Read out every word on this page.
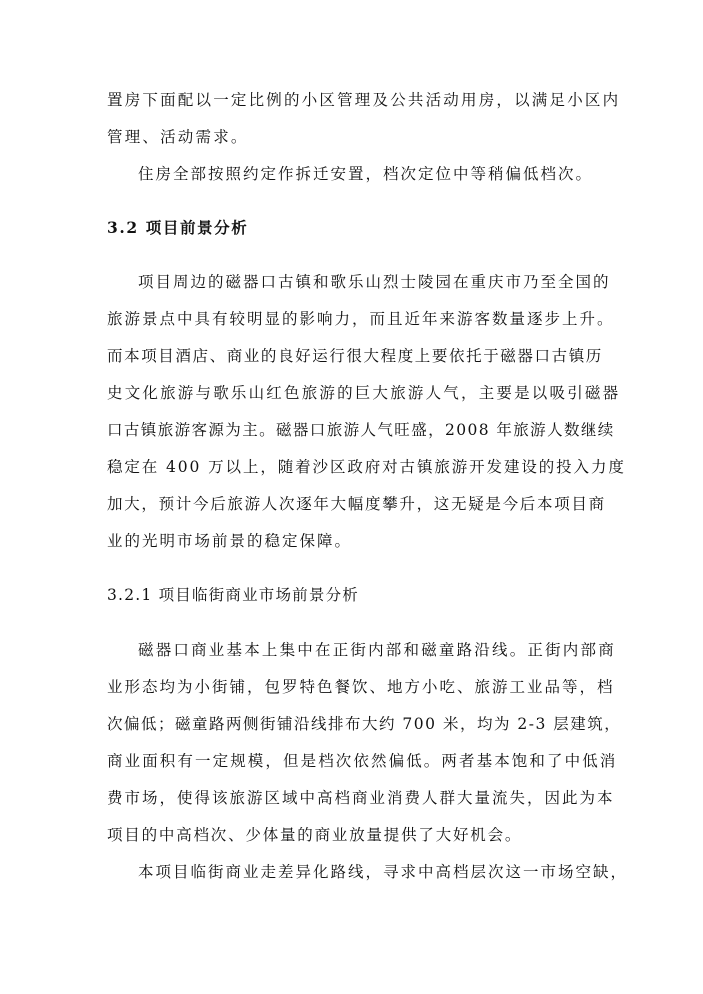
置房下面配以一定比例的小区管理及公共活动用房，以满足小区内
管理、活动需求。
住房全部按照约定作拆迁安置，档次定位中等稍偏低档次。
3.2 项目前景分析
项目周边的磁器口古镇和歌乐山烈士陵园在重庆市乃至全国的
旅游景点中具有较明显的影响力，而且近年来游客数量逐步上升。
而本项目酒店、商业的良好运行很大程度上要依托于磁器口古镇历
史文化旅游与歌乐山红色旅游的巨大旅游人气，主要是以吸引磁器
口古镇旅游客源为主。磁器口旅游人气旺盛，2008 年旅游人数继续
稳定在 400 万以上，随着沙区政府对古镇旅游开发建设的投入力度
加大，预计今后旅游人次逐年大幅度攀升，这无疑是今后本项目商
业的光明市场前景的稳定保障。
3.2.1 项目临街商业市场前景分析
磁器口商业基本上集中在正街内部和磁童路沿线。正街内部商
业形态均为小街铺，包罗特色餐饮、地方小吃、旅游工业品等，档
次偏低；磁童路两侧街铺沿线排布大约 700 米，均为 2-3 层建筑，
商业面积有一定规模，但是档次依然偏低。两者基本饱和了中低消
费市场，使得该旅游区域中高档商业消费人群大量流失，因此为本
项目的中高档次、少体量的商业放量提供了大好机会。
本项目临街商业走差异化路线，寻求中高档层次这一市场空缺，
